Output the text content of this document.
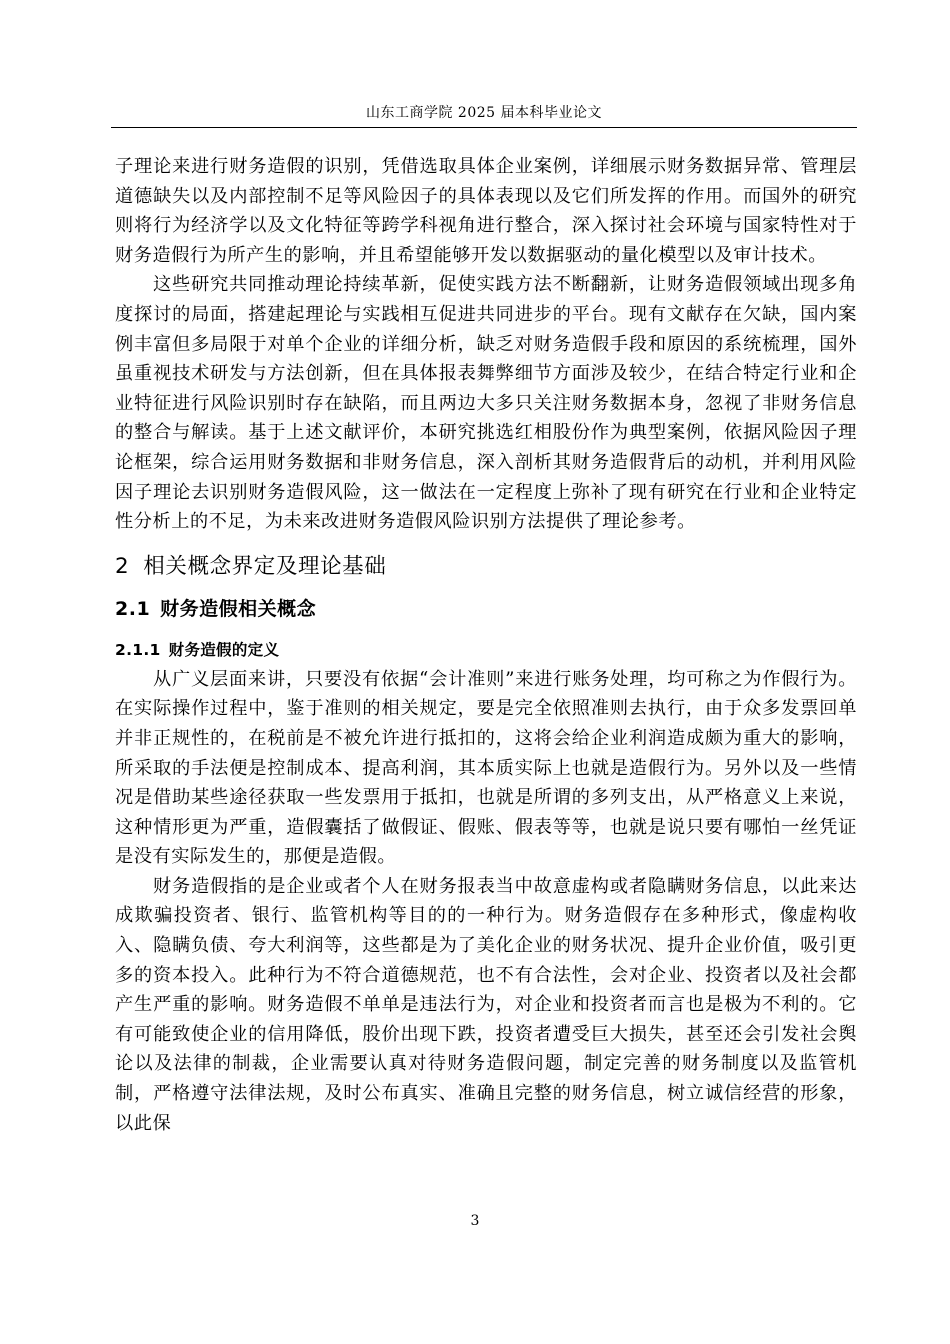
山东工商学院 2025 届本科毕业论文

子理论来进行财务造假的识别，凭借选取具体企业案例，详细展示财务数据异常、管理层道德缺失以及内部控制不足等风险因子的具体表现以及它们所发挥的作用。而国外的研究则将行为经济学以及文化特征等跨学科视角进行整合，深入探讨社会环境与国家特性对于财务造假行为所产生的影响，并且希望能够开发以数据驱动的量化模型以及审计技术。

这些研究共同推动理论持续革新，促使实践方法不断翻新，让财务造假领域出现多角度探讨的局面，搭建起理论与实践相互促进共同进步的平台。现有文献存在欠缺，国内案例丰富但多局限于对单个企业的详细分析，缺乏对财务造假手段和原因的系统梳理，国外虽重视技术研发与方法创新，但在具体报表舞弊细节方面涉及较少，在结合特定行业和企业特征进行风险识别时存在缺陷，而且两边大多只关注财务数据本身，忽视了非财务信息的整合与解读。基于上述文献评价，本研究挑选红相股份作为典型案例，依据风险因子理论框架，综合运用财务数据和非财务信息，深入剖析其财务造假背后的动机，并利用风险因子理论去识别财务造假风险，这一做法在一定程度上弥补了现有研究在行业和企业特定性分析上的不足，为未来改进财务造假风险识别方法提供了理论参考。

2 相关概念界定及理论基础
2.1 财务造假相关概念
2.1.1 财务造假的定义

从广义层面来讲，只要没有依据“会计准则”来进行账务处理，均可称之为作假行为。在实际操作过程中，鉴于准则的相关规定，要是完全依照准则去执行，由于众多发票回单并非正规性的，在税前是不被允许进行抵扣的，这将会给企业利润造成颇为重大的影响，所采取的手法便是控制成本、提高利润，其本质实际上也就是造假行为。另外以及一些情况是借助某些途径获取一些发票用于抵扣，也就是所谓的多列支出，从严格意义上来说，这种情形更为严重，造假囊括了做假证、假账、假表等等，也就是说只要有哪怕一丝凭证是没有实际发生的，那便是造假。

财务造假指的是企业或者个人在财务报表当中故意虚构或者隐瞒财务信息，以此来达成欺骗投资者、银行、监管机构等目的的一种行为。财务造假存在多种形式，像虚构收入、隐瞒负债、夸大利润等，这些都是为了美化企业的财务状况、提升企业价值，吸引更多的资本投入。此种行为不符合道德规范，也不有合法性，会对企业、投资者以及社会都产生严重的影响。财务造假不单单是违法行为，对企业和投资者而言也是极为不利的。它有可能致使企业的信用降低，股价出现下跌，投资者遭受巨大损失，甚至还会引发社会舆论以及法律的制裁，企业需要认真对待财务造假问题，制定完善的财务制度以及监管机制，严格遵守法律法规，及时公布真实、准确且完整的财务信息，树立诚信经营的形象，以此保

3
